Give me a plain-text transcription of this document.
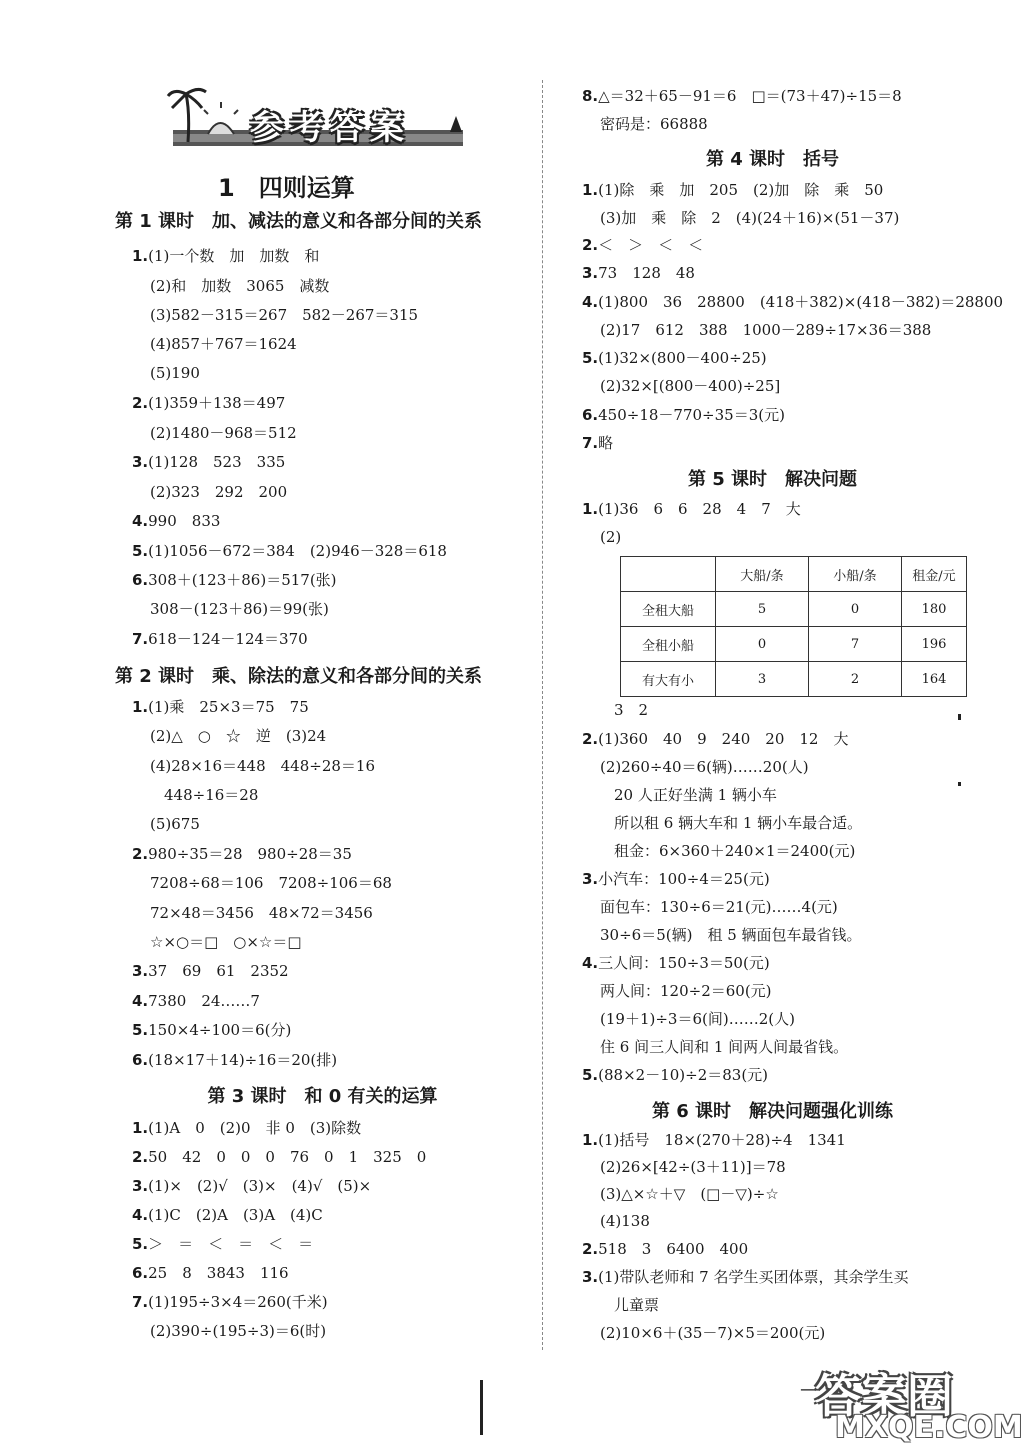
参考答案
1　四则运算
第 1 课时　加、减法的意义和各部分间的关系
1.(1)一个数　加　加数　和
(2)和　加数　3065　减数
(3)582－315＝267　582－267＝315
(4)857＋767＝1624
(5)190
2.(1)359＋138＝497
(2)1480－968＝512
3.(1)128　523　335
(2)323　292　200
4.990　833
5.(1)1056－672＝384　(2)946－328＝618
6.308＋(123＋86)＝517(张)
308－(123＋86)＝99(张)
7.618－124－124＝370
第 2 课时　乘、除法的意义和各部分间的关系
1.(1)乘　25×3＝75　75
(2)△　○　☆　逆　(3)24
(4)28×16＝448　448÷28＝16
448÷16＝28
(5)675
2.980÷35＝28　980÷28＝35
7208÷68＝106　7208÷106＝68
72×48＝3456　48×72＝3456
☆×○＝□　○×☆＝□
3.37　69　61　2352
4.7380　24……7
5.150×4÷100＝6(分)
6.(18×17＋14)÷16＝20(排)
第 3 课时　和 0 有关的运算
1.(1)A　0　(2)0　非 0　(3)除数
2.50　42　0　0　0　76　0　1　325　0
3.(1)×　(2)√　(3)×　(4)√　(5)×
4.(1)C　(2)A　(3)A　(4)C
5.＞　＝　＜　＝　＜　＝
6.25　8　3843　116
7.(1)195÷3×4＝260(千米)
(2)390÷(195÷3)＝6(时)
8.△＝32＋65－91＝6　□＝(73＋47)÷15＝8
密码是：66888
第 4 课时　括号
1.(1)除　乘　加　205　(2)加　除　乘　50
(3)加　乘　除　2　(4)(24＋16)×(51－37)
2.＜　＞　＜　＜
3.73　128　48
4.(1)800　36　28800　(418＋382)×(418－382)＝28800
(2)17　612　388　1000－289÷17×36＝388
5.(1)32×(800－400÷25)
(2)32×[(800－400)÷25]
6.450÷18－770÷35＝3(元)
7.略
第 5 课时　解决问题
1.(1)36　6　6　28　4　7　大
(2)
3　2
2.(1)360　40　9　240　20　12　大
(2)260÷40＝6(辆)……20(人)
20 人正好坐满 1 辆小车
所以租 6 辆大车和 1 辆小车最合适。
租金：6×360＋240×1＝2400(元)
3.小汽车：100÷4＝25(元)
面包车：130÷6＝21(元)……4(元)
30÷6＝5(辆)　租 5 辆面包车最省钱。
4.三人间：150÷3＝50(元)
两人间：120÷2＝60(元)
(19＋1)÷3＝6(间)……2(人)
住 6 间三人间和 1 间两人间最省钱。
5.(88×2－10)÷2＝83(元)
第 6 课时　解决问题强化训练
1.(1)括号　18×(270＋28)÷4　1341
(2)26×[42÷(3＋11)]＝78
(3)△×☆＋▽　(□－▽)÷☆
(4)138
2.518　3　6400　400
3.(1)带队老师和 7 名学生买团体票，其余学生买
儿童票
(2)10×6＋(35－7)×5＝200(元)
	大船/条	小船/条	租金/元
全租大船	5	0	180
全租小船	0	7	196
有大有小	3	2	164
—
答案圈
MXQE.COM
